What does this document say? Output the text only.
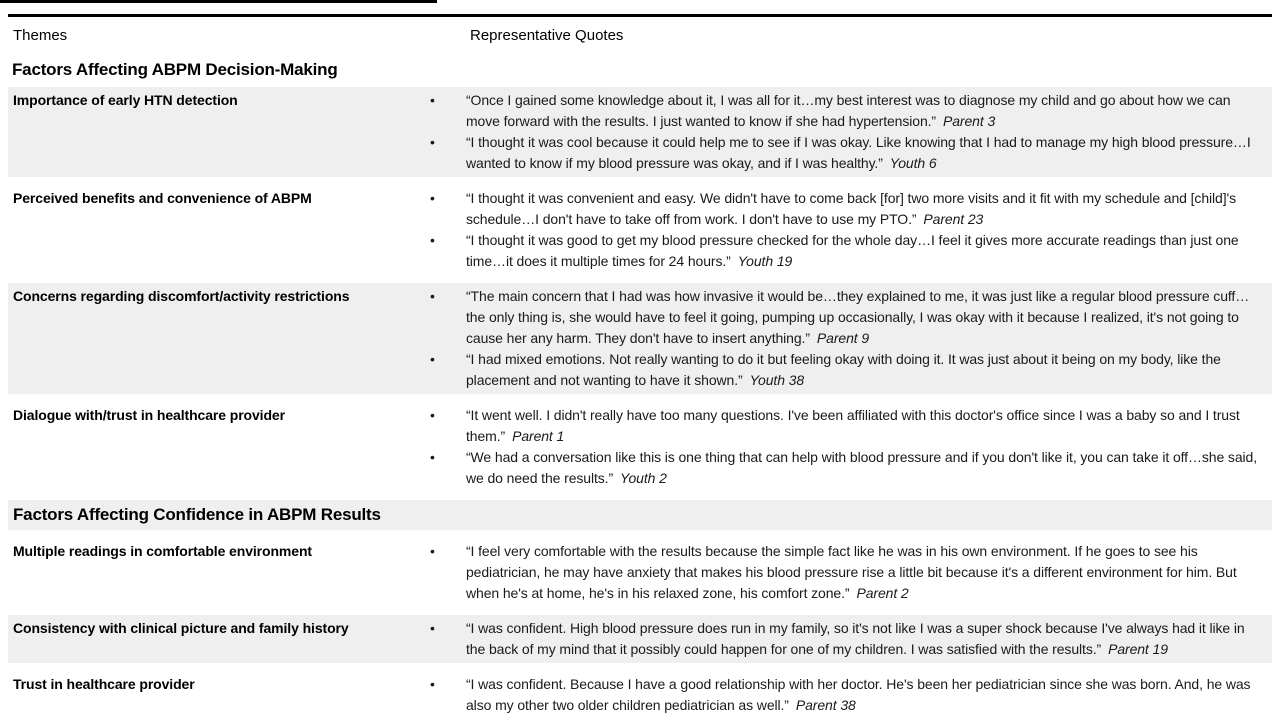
Themes	Representative Quotes
Factors Affecting ABPM Decision-Making
Importance of early HTN detection	•	“Once I gained some knowledge about it, I was all for it…my best interest was to diagnose my child and go about how we can move forward with the results. I just wanted to know if she had hypertension.” Parent 3
•	“I thought it was cool because it could help me to see if I was okay. Like knowing that I had to manage my high blood pressure…I wanted to know if my blood pressure was okay, and if I was healthy.” Youth 6
Perceived benefits and convenience of ABPM	•	“I thought it was convenient and easy. We didn't have to come back [for] two more visits and it fit with my schedule and [child]'s schedule…I don't have to take off from work. I don't have to use my PTO.” Parent 23
•	“I thought it was good to get my blood pressure checked for the whole day…I feel it gives more accurate readings than just one time…it does it multiple times for 24 hours.” Youth 19
Concerns regarding discomfort/activity restrictions	•	“The main concern that I had was how invasive it would be…they explained to me, it was just like a regular blood pressure cuff…the only thing is, she would have to feel it going, pumping up occasionally, I was okay with it because I realized, it's not going to cause her any harm. They don't have to insert anything.” Parent 9
•	“I had mixed emotions. Not really wanting to do it but feeling okay with doing it. It was just about it being on my body, like the placement and not wanting to have it shown.” Youth 38
Dialogue with/trust in healthcare provider	•	“It went well. I didn't really have too many questions. I've been affiliated with this doctor's office since I was a baby so and I trust them.” Parent 1
•	“We had a conversation like this is one thing that can help with blood pressure and if you don't like it, you can take it off…she said, we do need the results.” Youth 2
Factors Affecting Confidence in ABPM Results
Multiple readings in comfortable environment	•	“I feel very comfortable with the results because the simple fact like he was in his own environment. If he goes to see his pediatrician, he may have anxiety that makes his blood pressure rise a little bit because it's a different environment for him. But when he's at home, he's in his relaxed zone, his comfort zone.” Parent 2
Consistency with clinical picture and family history	•	“I was confident. High blood pressure does run in my family, so it's not like I was a super shock because I've always had it like in the back of my mind that it possibly could happen for one of my children. I was satisfied with the results.” Parent 19
Trust in healthcare provider	•	“I was confident. Because I have a good relationship with her doctor. He's been her pediatrician since she was born. And, he was also my other two older children pediatrician as well.” Parent 38
